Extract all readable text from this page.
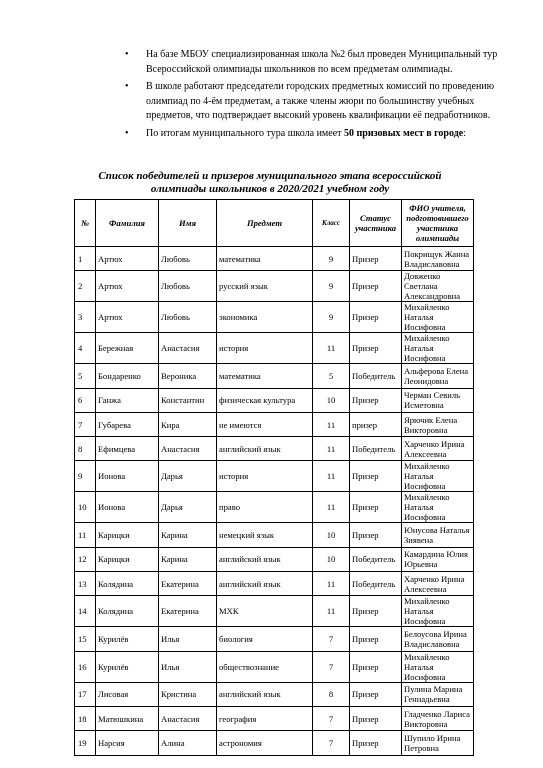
• На базе МБОУ специализированная школа №2 был проведен Муниципальный тур Всероссийской олимпиады школьников по всем предметам олимпиады.
• В школе работают председатели городских предметных комиссий по проведению олимпиад по 4-ём предметам, а также члены жюри по большинству учебных предметов, что подтверждает высокий уровень квалификации её педработников.
• По итогам муниципального тура школа имеет 50 призовых мест в городе:
Список победителей и призеров муниципального этапа всероссийской олимпиады школьников в 2020/2021 учебном году
№	Фамилия	Имя	Предмет	Класс	Статус участника	ФИО учителя, подготовившего участника олимпиады
1	Артюх	Любовь	математика	9	Призер	Покрищук Жанна Владиславовна
2	Артюх	Любовь	русский язык	9	Призер	Довженко Светлана Александровна
3	Артюх	Любовь	экономика	9	Призер	Михайленко Наталья Иосифовна
4	Бережная	Анастасия	история	11	Призер	Михайленко Наталья Иосифовна
5	Бондаренко	Вероника	математика	5	Победитель	Альферова Елена Леонидовна
6	Ганжа	Константин	физическая культура	10	Призер	Черман Севиль Исметовна
7	Губарева	Кира	не имеются	11	призер	Ярючик Елена Викторовна
8	Ефимцева	Анастасия	английский язык	11	Победитель	Харченко Ирина Алексеевна
9	Ионова	Дарья	история	11	Призер	Михайленко Наталья Иосифовна
10	Ионова	Дарья	право	11	Призер	Михайленко Наталья Иосифовна
11	Карицки	Карина	немецкий язык	10	Призер	Юнусова Наталья Зиявена
12	Карицки	Карина	английский язык	10	Победитель	Камардина Юлия Юрьевна
13	Колядина	Екатерина	английский язык	11	Победитель	Харченко Ирина Алексеевна
14	Колядина	Екатерина	МХК	11	Призер	Михайленко Наталья Иосифовна
15	Курилёв	Илья	биология	7	Призер	Белоусова Ирина Владиславовна
16	Курилёв	Илья	обществознание	7	Призер	Михайленко Наталья Иосифовна
17	Лисовая	Кристина	английский язык	8	Призер	Пулина Марина Геннадьевна
18	Матюшкина	Анастасия	география	7	Призер	Гладченко Лариса Викторовна
19	Нарсия	Алина	астрономия	7	Призер	Шупило Ирина Петровна
